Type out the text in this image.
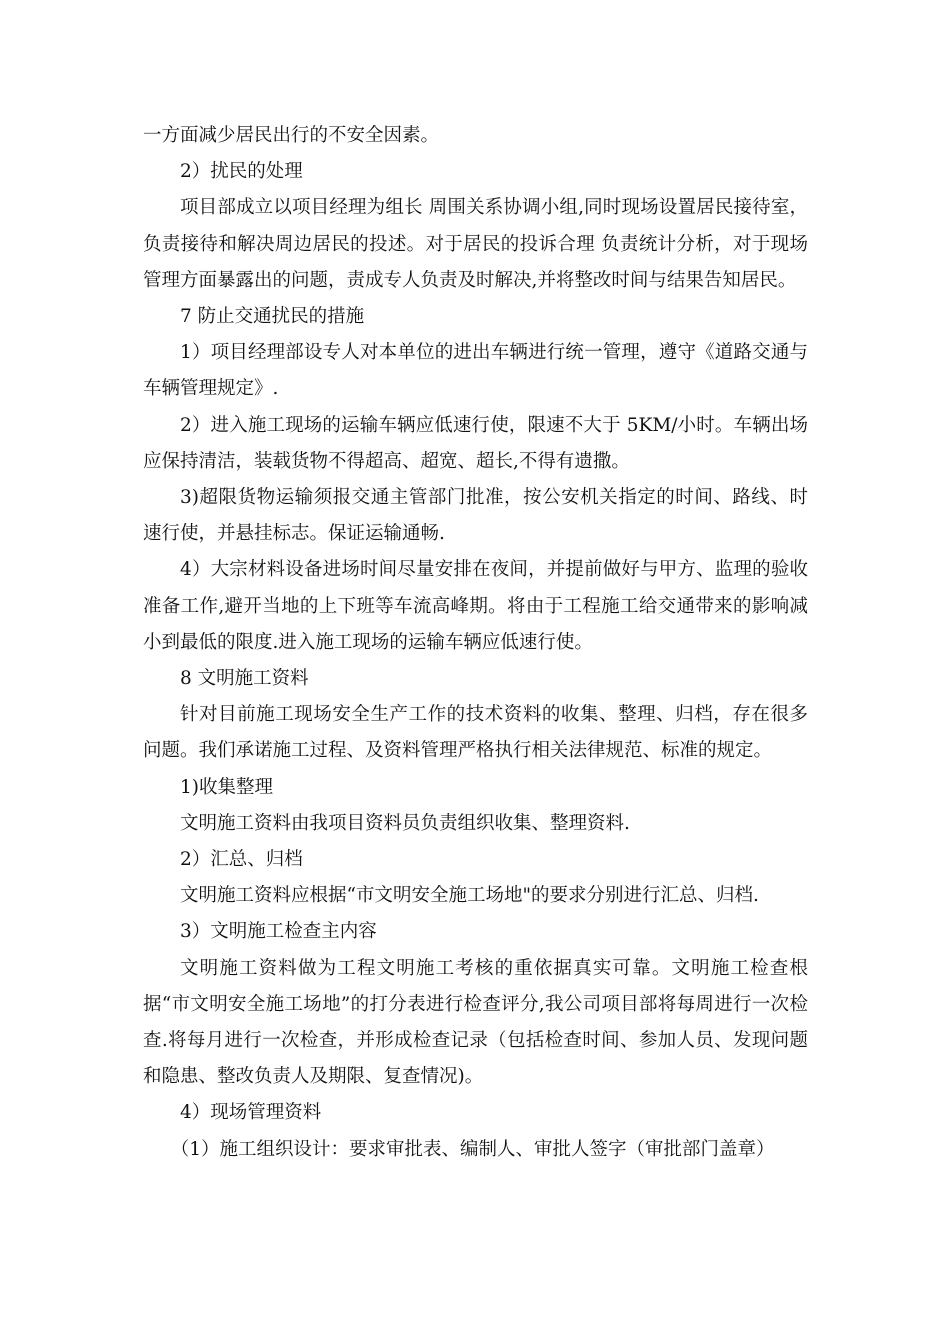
一方面减少居民出行的不安全因素。

2）扰民的处理

项目部成立以项目经理为组长 周围关系协调小组,同时现场设置居民接待室，负责接待和解决周边居民的投述。对于居民的投诉合理 负责统计分析，对于现场管理方面暴露出的问题，责成专人负责及时解决,并将整改时间与结果告知居民。

7 防止交通扰民的措施

1）项目经理部设专人对本单位的进出车辆进行统一管理，遵守《道路交通与车辆管理规定》.

2）进入施工现场的运输车辆应低速行使，限速不大于 5KM/小时。车辆出场应保持清洁，装载货物不得超高、超宽、超长,不得有遗撒。

3)超限货物运输须报交通主管部门批准，按公安机关指定的时间、路线、时速行使，并悬挂标志。保证运输通畅.

4）大宗材料设备进场时间尽量安排在夜间，并提前做好与甲方、监理的验收准备工作,避开当地的上下班等车流高峰期。将由于工程施工给交通带来的影响减小到最低的限度.进入施工现场的运输车辆应低速行使。

8 文明施工资料

针对目前施工现场安全生产工作的技术资料的收集、整理、归档，存在很多问题。我们承诺施工过程、及资料管理严格执行相关法律规范、标准的规定。

1)收集整理

文明施工资料由我项目资料员负责组织收集、整理资料.

2）汇总、归档

文明施工资料应根据“市文明安全施工场地"的要求分别进行汇总、归档.

3）文明施工检查主内容

文明施工资料做为工程文明施工考核的重依据真实可靠。文明施工检查根据“市文明安全施工场地”的打分表进行检查评分,我公司项目部将每周进行一次检查.将每月进行一次检查，并形成检查记录（包括检查时间、参加人员、发现问题和隐患、整改负责人及期限、复查情况)。

4）现场管理资料

（1）施工组织设计：要求审批表、编制人、审批人签字（审批部门盖章）
